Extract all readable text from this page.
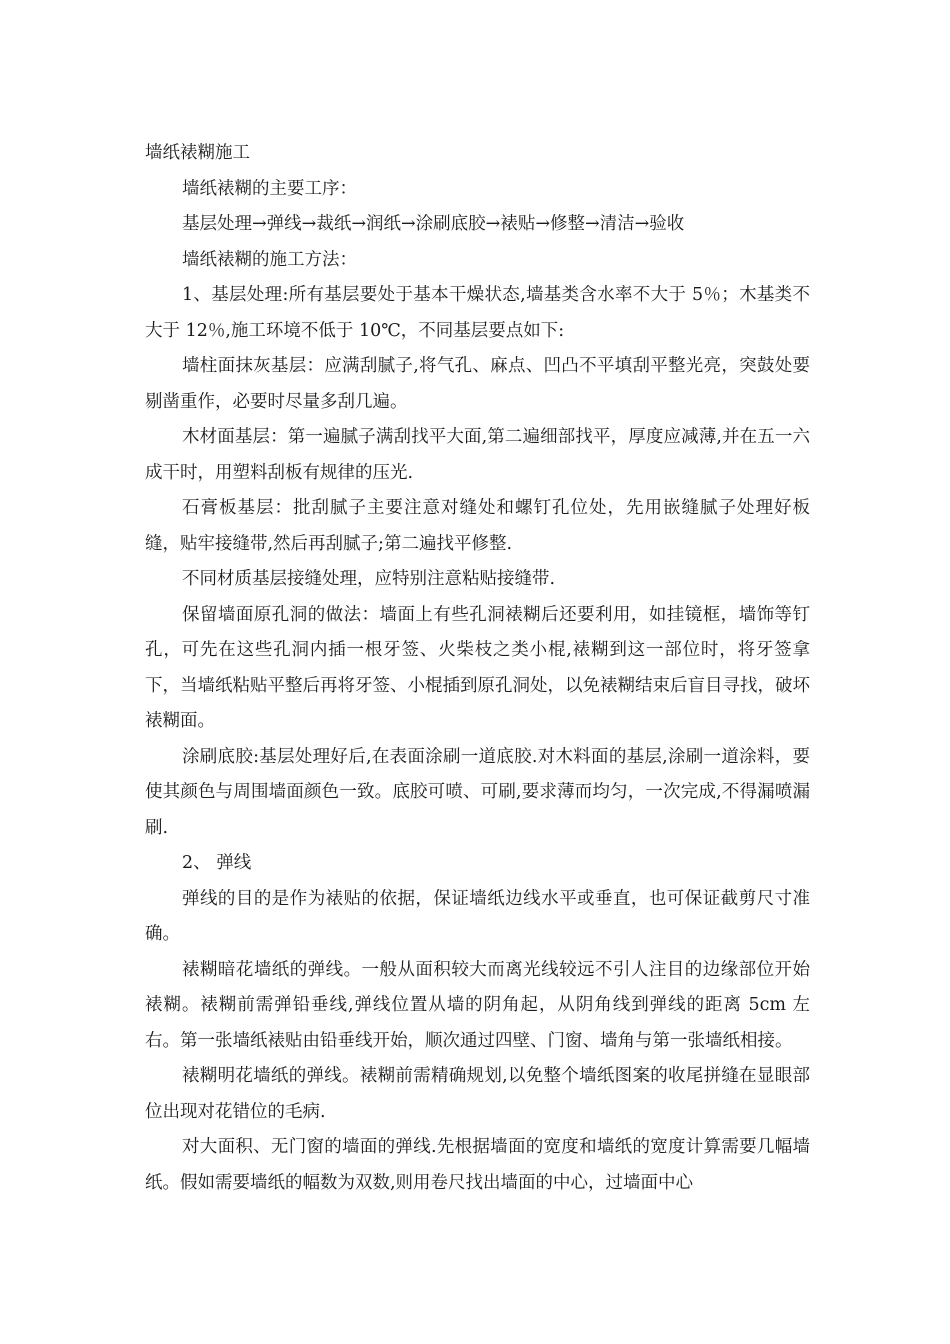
墙纸裱糊施工

墙纸裱糊的主要工序：

基层处理→弹线→裁纸→润纸→涂刷底胶→裱贴→修整→清洁→验收

墙纸裱糊的施工方法：

1、基层处理:所有基层要处于基本干燥状态,墙基类含水率不大于 5％；木基类不大于 12％,施工环境不低于 10℃，不同基层要点如下:

墙柱面抹灰基层：应满刮腻子,将气孔、麻点、凹凸不平填刮平整光亮，突鼓处要剔凿重作，必要时尽量多刮几遍。

木材面基层：第一遍腻子满刮找平大面,第二遍细部找平，厚度应减薄,并在五一六成干时，用塑料刮板有规律的压光.

石膏板基层：批刮腻子主要注意对缝处和螺钉孔位处，先用嵌缝腻子处理好板缝，贴牢接缝带,然后再刮腻子;第二遍找平修整.

不同材质基层接缝处理，应特别注意粘贴接缝带.

保留墙面原孔洞的做法：墙面上有些孔洞裱糊后还要利用，如挂镜框，墙饰等钉孔，可先在这些孔洞内插一根牙签、火柴枝之类小棍,裱糊到这一部位时，将牙签拿下，当墙纸粘贴平整后再将牙签、小棍插到原孔洞处，以免裱糊结束后盲目寻找，破坏裱糊面。

涂刷底胶:基层处理好后,在表面涂刷一道底胶.对木料面的基层,涂刷一道涂料，要使其颜色与周围墙面颜色一致。底胶可喷、可刷,要求薄而均匀，一次完成,不得漏喷漏刷.

2、 弹线

弹线的目的是作为裱贴的依据，保证墙纸边线水平或垂直，也可保证截剪尺寸准确。

裱糊暗花墙纸的弹线。一般从面积较大而离光线较远不引人注目的边缘部位开始裱糊。裱糊前需弹铅垂线,弹线位置从墙的阴角起，从阴角线到弹线的距离 5cm 左右。第一张墙纸裱贴由铅垂线开始，顺次通过四壁、门窗、墙角与第一张墙纸相接。

裱糊明花墙纸的弹线。裱糊前需精确规划,以免整个墙纸图案的收尾拼缝在显眼部位出现对花错位的毛病.

对大面积、无门窗的墙面的弹线.先根据墙面的宽度和墙纸的宽度计算需要几幅墙纸。假如需要墙纸的幅数为双数,则用卷尺找出墙面的中心，过墙面中心
